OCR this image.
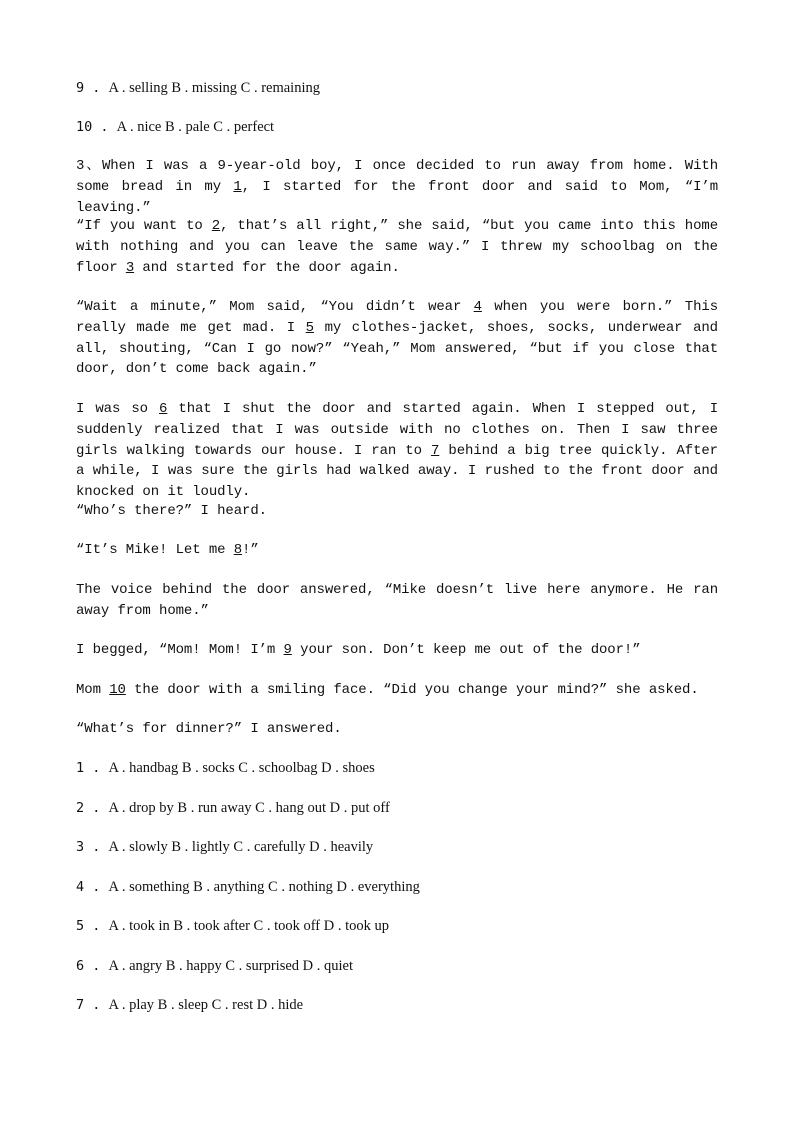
9 . A . selling B . missing C . remaining
10 . A . nice B . pale C . perfect
3、When I was a 9-year-old boy, I once decided to run away from home. With some bread in my 1, I started for the front door and said to Mom, “I’m leaving.”
“If you want to 2, that’s all right,” she said, “but you came into this home with nothing and you can leave the same way.” I threw my schoolbag on the floor 3 and started for the door again.
“Wait a minute,” Mom said, “You didn’t wear 4 when you were born.” This really made me get mad. I 5 my clothes-jacket, shoes, socks, underwear and all, shouting, “Can I go now?” “Yeah,” Mom answered, “but if you close that door, don’t come back again.”
I was so 6 that I shut the door and started again. When I stepped out, I suddenly realized that I was outside with no clothes on. Then I saw three girls walking towards our house. I ran to 7 behind a big tree quickly. After a while, I was sure the girls had walked away. I rushed to the front door and knocked on it loudly.
“Who’s there?” I heard.
“It’s Mike! Let me 8!”
The voice behind the door answered, “Mike doesn’t live here anymore. He ran away from home.”
I begged, “Mom! Mom! I’m 9 your son. Don’t keep me out of the door!”
Mom 10 the door with a smiling face. “Did you change your mind?” she asked.
“What’s for dinner?” I answered.
1 . A . handbag B . socks C . schoolbag D . shoes
2 . A . drop by B . run away C . hang out D . put off
3 . A . slowly B . lightly C . carefully D . heavily
4 . A . something B . anything C . nothing D . everything
5 . A . took in B . took after C . took off D . took up
6 . A . angry B . happy C . surprised D . quiet
7 . A . play B . sleep C . rest D . hide
